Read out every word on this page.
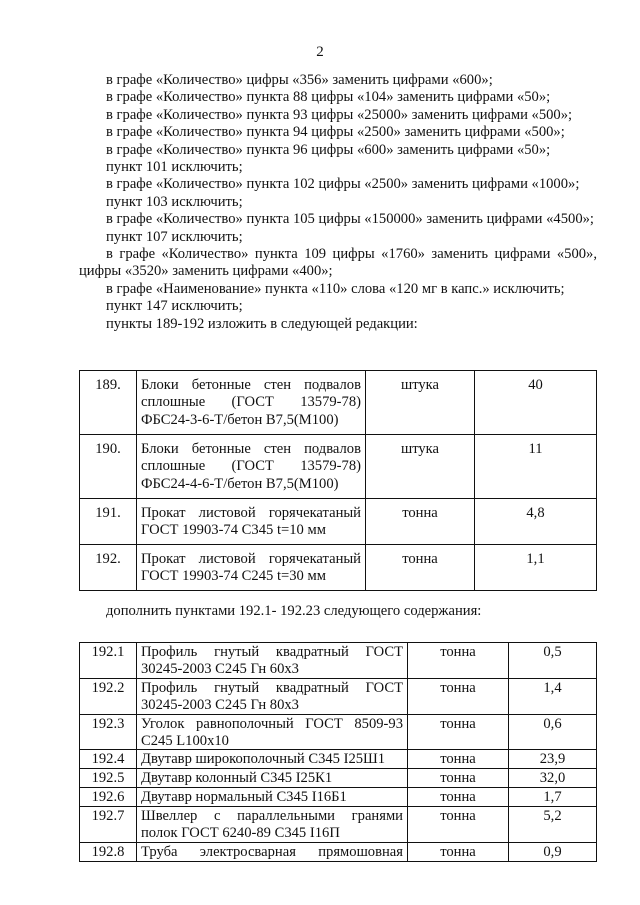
2
в графе «Количество» цифры «356» заменить цифрами «600»;
в графе «Количество» пункта 88 цифры «104» заменить цифрами «50»;
в графе «Количество» пункта 93 цифры «25000» заменить цифрами «500»;
в графе «Количество» пункта 94 цифры «2500» заменить цифрами «500»;
в графе «Количество» пункта 96 цифры «600» заменить цифрами «50»;
пункт 101 исключить;
в графе «Количество» пункта 102 цифры «2500» заменить цифрами «1000»;
пункт 103 исключить;
в графе «Количество» пункта 105 цифры «150000» заменить цифрами «4500»;
пункт 107 исключить;
в графе «Количество» пункта 109 цифры «1760» заменить цифрами «500», цифры «3520» заменить цифрами «400»;
в графе «Наименование» пункта «110» слова «120 мг в капс.» исключить;
пункт 147 исключить;
пункты 189-192 изложить в следующей редакции:
189.	Блоки бетонные стен подвалов сплошные (ГОСТ 13579-78) ФБС24-3-6-Т/бетон В7,5(М100)	штука	40
190.	Блоки бетонные стен подвалов сплошные (ГОСТ 13579-78) ФБС24-4-6-Т/бетон В7,5(М100)	штука	11
191.	Прокат листовой горячекатаный ГОСТ 19903-74 С345 t=10 мм	тонна	4,8
192.	Прокат листовой горячекатаный ГОСТ 19903-74 С245 t=30 мм	тонна	1,1
дополнить пунктами 192.1- 192.23 следующего содержания:
192.1	Профиль гнутый квадратный ГОСТ 30245-2003 С245 Гн 60х3	тонна	0,5
192.2	Профиль гнутый квадратный ГОСТ 30245-2003 С245 Гн 80х3	тонна	1,4
192.3	Уголок равнополочный ГОСТ 8509-93 С245 L100х10	тонна	0,6
192.4	Двутавр широкополочный С345 I25Ш1	тонна	23,9
192.5	Двутавр колонный С345 I25К1	тонна	32,0
192.6	Двутавр нормальный С345 I16Б1	тонна	1,7
192.7	Швеллер с параллельными гранями полок ГОСТ 6240-89 С345 I16П	тонна	5,2
192.8	Труба электросварная прямошовная	тонна	0,9
